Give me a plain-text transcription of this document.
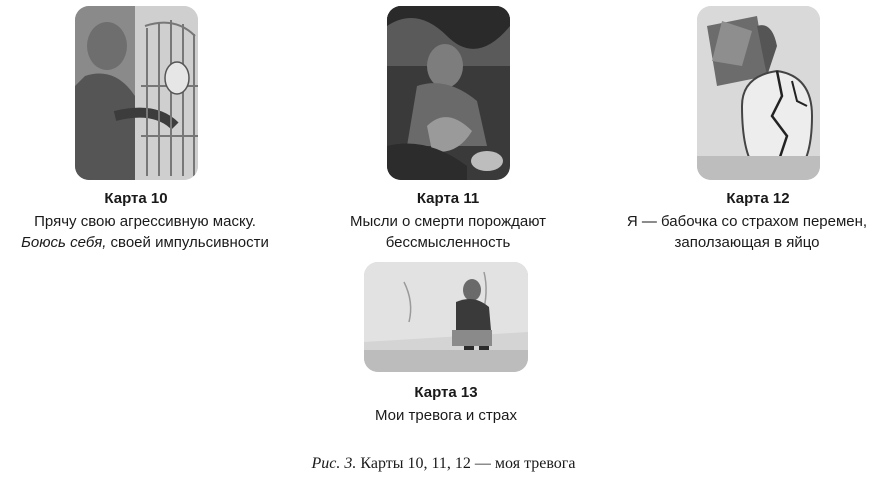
Карта 10
Прячу свою агрессивную маску.
Боюсь себя, своей импульсивности
Карта 11
Мысли о смерти порождают
бессмысленность
Карта 12
Я — бабочка со страхом перемен,
заползающая в яйцо
Карта 13
Мои тревога и страх
Рис. 3. Карты 10, 11, 12 — моя тревога
